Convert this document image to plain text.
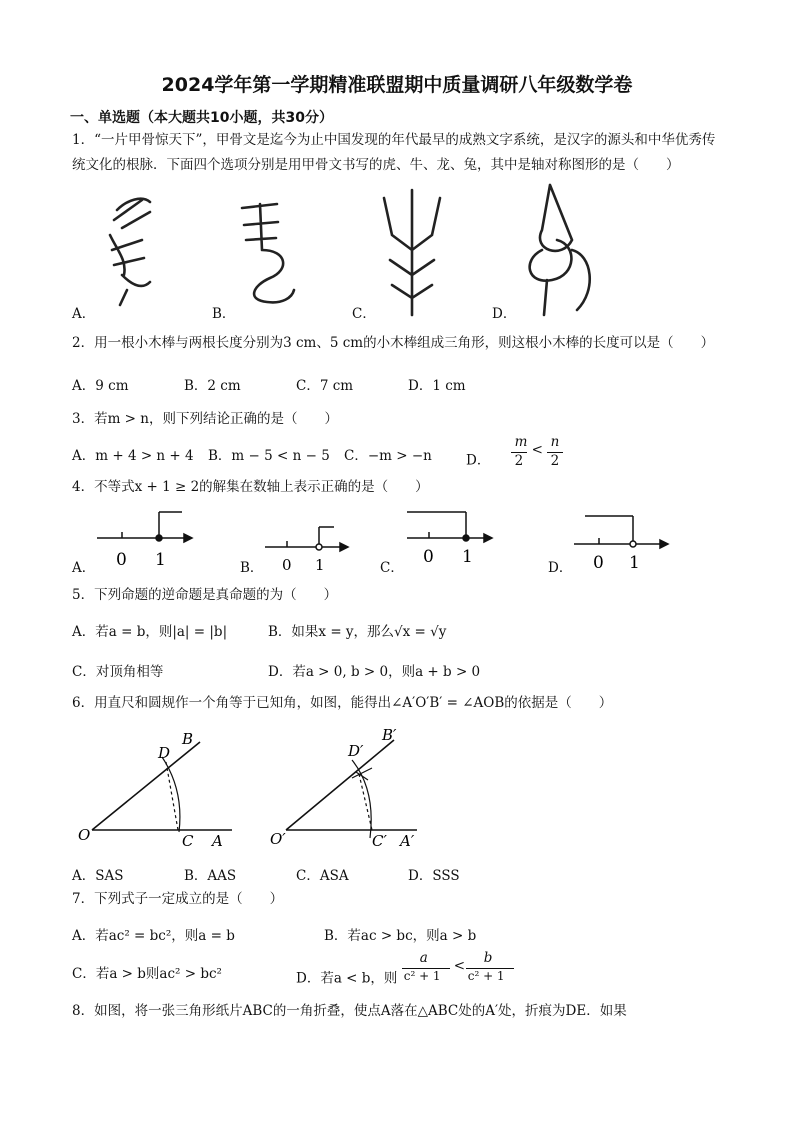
2024学年第一学期精准联盟期中质量调研八年级数学卷
一、单选题（本大题共10小题，共30分）
1．“一片甲骨惊天下”，甲骨文是迄今为止中国发现的年代最早的成熟文字系统，是汉字的源头和中华优秀传统文化的根脉．下面四个选项分别是用甲骨文书写的虎、牛、龙、兔，其中是轴对称图形的是（　　）
A．	B．	C．	D．
2．用一根小木棒与两根长度分别为3 cm、5 cm的小木棒组成三角形，则这根小木棒的长度可以是（　　）
A．9 cm	B．2 cm	C．7 cm	D．1 cm
3．若m > n，则下列结论正确的是（　　）
A．m + 4 > n + 4 B．m − 5 < n − 5 C．−m > −n	D．
m
2
< n
2
4．不等式x + 1 ≥ 2的解集在数轴上表示正确的是（　　）
0 1	0 1	0 1	0 1
A．	B．	C．	D．
5．下列命题的逆命题是真命题的为（　　）
A．若a = b，则|a| = |b|	B．如果x = y，那么√x = √y
C．对顶角相等	D．若a > 0, b > 0，则a + b > 0
6．用直尺和圆规作一个角等于已知角，如图，能得出∠A′O′B′ = ∠AOB的依据是（　　）
B
D
O	C A
B′
D′
O′	C′ A′
A．SAS	B．AAS	C．ASA	D．SSS
7．下列式子一定成立的是（　　）
A．若ac² = bc²，则a = b	B．若ac > bc，则a > b
C．若a > b则ac² > bc²	D．若a < b，则
a
c² + 1
< b
c² + 1
8．如图，将一张三角形纸片ABC的一角折叠，使点A落在△ABC处的A′处，折痕为DE．如果
